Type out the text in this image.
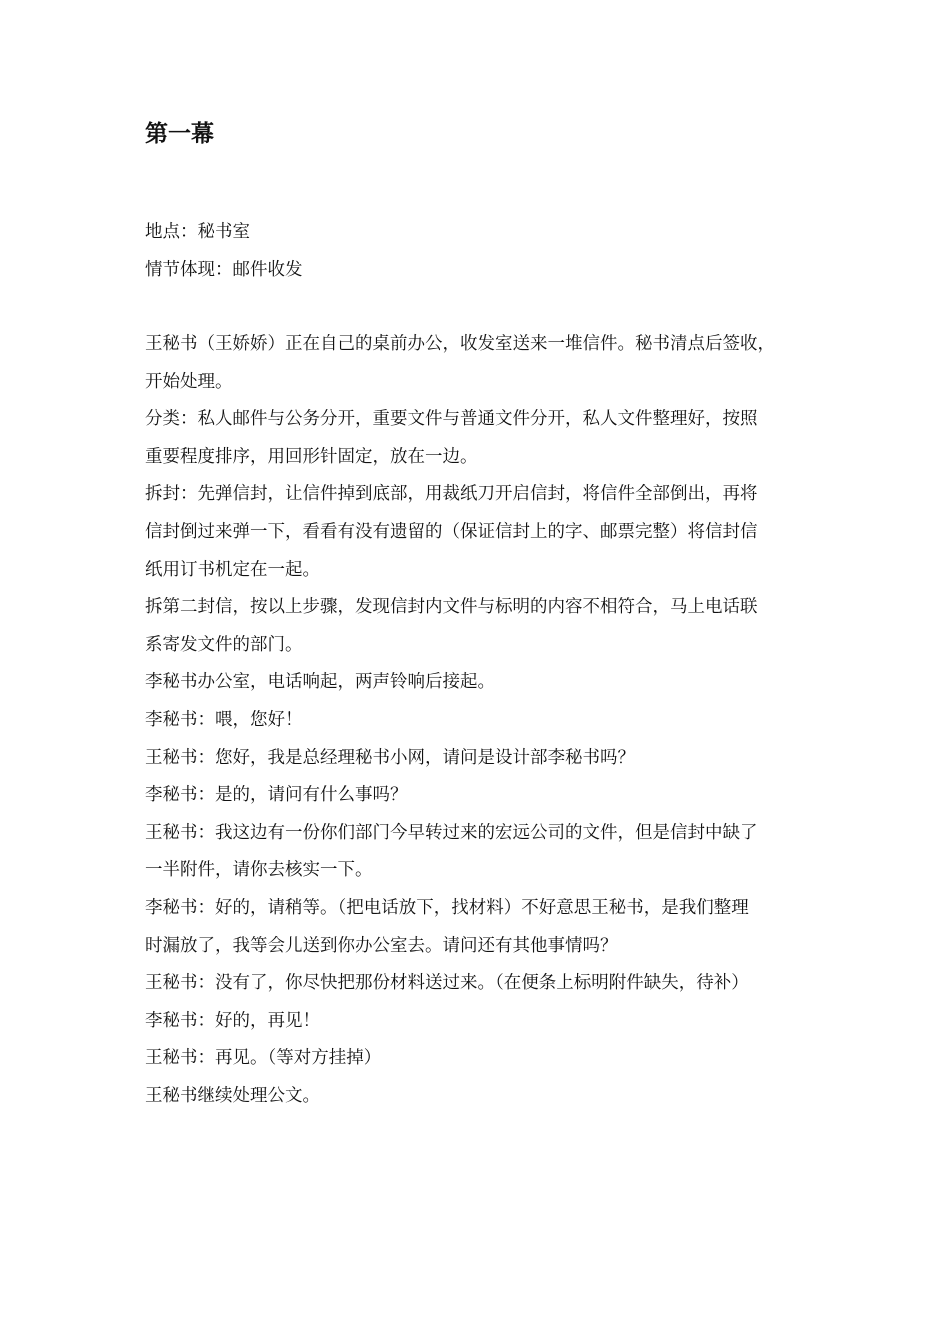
第一幕

地点：秘书室

情节体现：邮件收发

王秘书（王娇娇）正在自己的桌前办公，收发室送来一堆信件。秘书清点后签收，

开始处理。

分类：私人邮件与公务分开，重要文件与普通文件分开，私人文件整理好，按照

重要程度排序，用回形针固定，放在一边。

拆封：先弹信封，让信件掉到底部，用裁纸刀开启信封，将信件全部倒出，再将

信封倒过来弹一下，看看有没有遗留的（保证信封上的字、邮票完整）将信封信

纸用订书机定在一起。

拆第二封信，按以上步骤，发现信封内文件与标明的内容不相符合，马上电话联

系寄发文件的部门。

李秘书办公室，电话响起，两声铃响后接起。

李秘书：喂，您好！

王秘书：您好，我是总经理秘书小网，请问是设计部李秘书吗？

李秘书：是的，请问有什么事吗？

王秘书：我这边有一份你们部门今早转过来的宏远公司的文件，但是信封中缺了

一半附件，请你去核实一下。

李秘书：好的，请稍等。（把电话放下，找材料）不好意思王秘书，是我们整理

时漏放了，我等会儿送到你办公室去。请问还有其他事情吗？

王秘书：没有了，你尽快把那份材料送过来。（在便条上标明附件缺失，待补）

李秘书：好的，再见！

王秘书：再见。（等对方挂掉）

王秘书继续处理公文。
